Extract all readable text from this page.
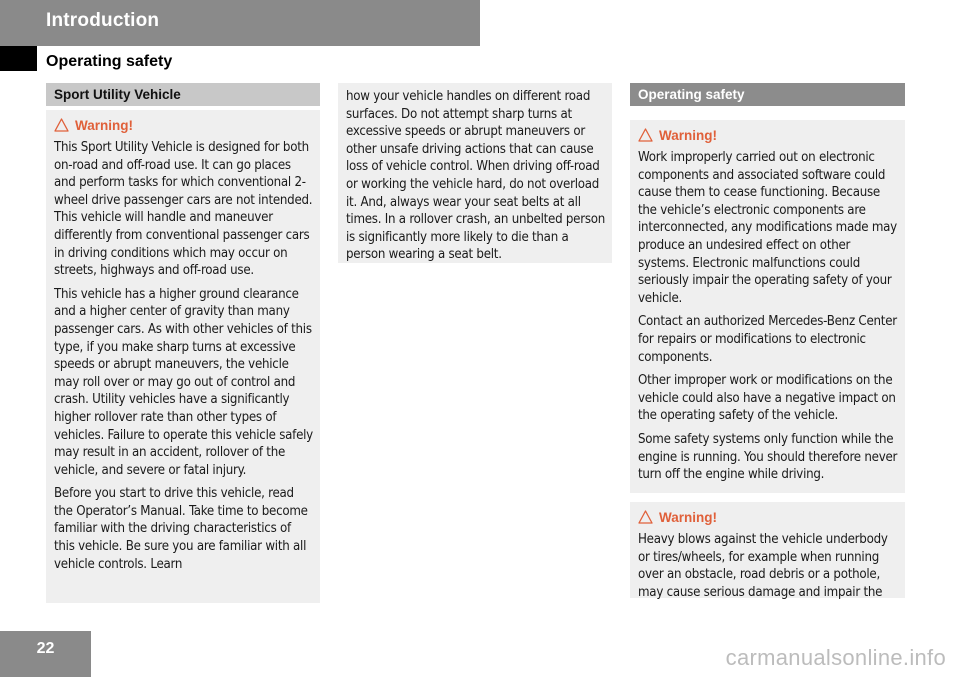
Introduction
Operating safety
Sport Utility Vehicle
Warning!

This Sport Utility Vehicle is designed for both on-road and off-road use. It can go places and perform tasks for which conventional 2-wheel drive passenger cars are not intended. This vehicle will handle and maneuver differently from conventional passenger cars in driving conditions which may occur on streets, highways and off-road use.

This vehicle has a higher ground clearance and a higher center of gravity than many passenger cars. As with other vehicles of this type, if you make sharp turns at excessive speeds or abrupt maneuvers, the vehicle may roll over or may go out of control and crash. Utility vehicles have a significantly higher rollover rate than other types of vehicles. Failure to operate this vehicle safely may result in an accident, rollover of the vehicle, and severe or fatal injury.

Before you start to drive this vehicle, read the Operator’s Manual. Take time to become familiar with the driving characteristics of this vehicle. Be sure you are familiar with all vehicle controls. Learn

how your vehicle handles on different road surfaces. Do not attempt sharp turns at excessive speeds or abrupt maneuvers or other unsafe driving actions that can cause loss of vehicle control. When driving off-road or working the vehicle hard, do not overload it. And, always wear your seat belts at all times. In a rollover crash, an unbelted person is significantly more likely to die than a person wearing a seat belt.

Operating safety
Warning!

Work improperly carried out on electronic components and associated software could cause them to cease functioning. Because the vehicle’s electronic components are interconnected, any modifications made may produce an undesired effect on other systems. Electronic malfunctions could seriously impair the operating safety of your vehicle.

Contact an authorized Mercedes-Benz Center for repairs or modifications to electronic components.

Other improper work or modifications on the vehicle could also have a negative impact on the operating safety of the vehicle.

Some safety systems only function while the engine is running. You should therefore never turn off the engine while driving.

Warning!

Heavy blows against the vehicle underbody or tires/wheels, for example when running over an obstacle, road debris or a pothole, may cause serious damage and impair the

22	carmanualsonline.info
